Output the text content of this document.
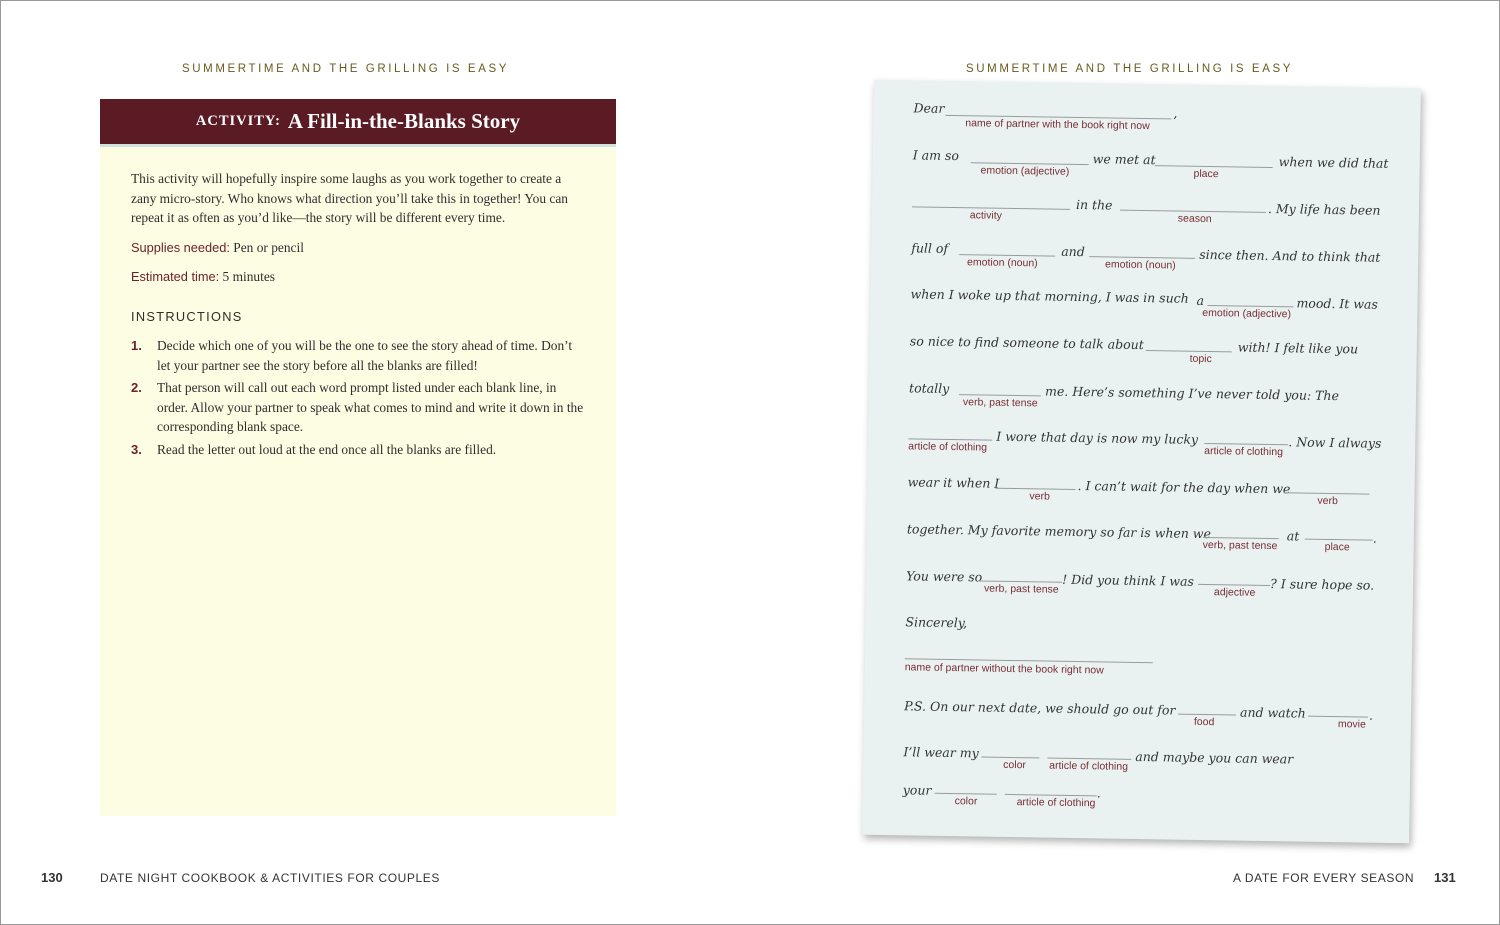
SUMMERTIME AND THE GRILLING IS EASY
ACTIVITY: A Fill-in-the-Blanks Story

This activity will hopefully inspire some laughs as you work together to create a zany micro-story. Who knows what direction you’ll take this in together! You can repeat it as often as you’d like—the story will be different every time.

Supplies needed: Pen or pencil

Estimated time: 5 minutes

INSTRUCTIONS
1. Decide which one of you will be the one to see the story ahead of time. Don’t let your partner see the story before all the blanks are filled!
2. That person will call out each word prompt listed under each blank line, in order. Allow your partner to speak what comes to mind and write it down in the corresponding blank space.
3. Read the letter out loud at the end once all the blanks are filled.
130	DATE NIGHT COOKBOOK & ACTIVITIES FOR COUPLES
SUMMERTIME AND THE GRILLING IS EASY
Dear	,
name of partner with the book right now
I am so
emotion (adjective)
we met at
place
when we did that
activity
in the
season
. My life has been
full of
emotion (noun)
and
emotion (noun)
since then. And to think that
when I woke up that morning, I was in such a
emotion (adjective)
mood. It was
so nice to find someone to talk about
topic
with! I felt like you
totally
verb, past tense me. Here’s something I’ve never told you: The
article of clothing
I wore that day is now my lucky
article of clothing
. Now I always
wear it when I
verb
. I can’t wait for the day when we
verb
together. My favorite memory so far is when we
verb, past tense
at
place
.
You were so
verb, past tense
! Did you think I was
adjective ? I sure hope so.
Sincerely,
name of partner without the book right now
P.S. On our next date, we should go out for
food
and watch
movie
.
I’ll wear my
color article of clothing and maybe you can wear
your
color	article of clothing
.
A DATE FOR EVERY SEASON 131
